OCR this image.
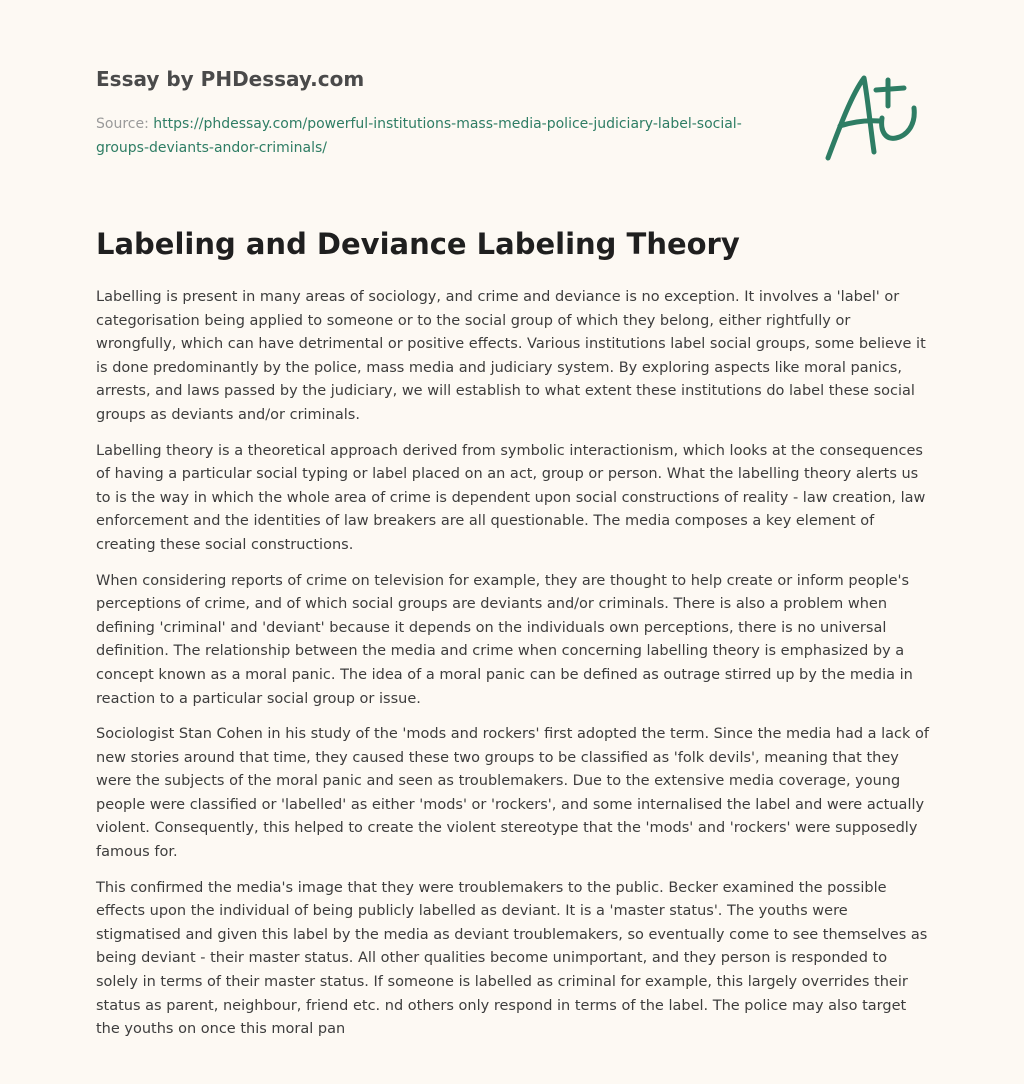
Essay by PHDessay.com

Source: https://phdessay.com/powerful-institutions-mass-media-police-judiciary-label-social-groups-deviants-andor-criminals/
Labeling and Deviance Labeling Theory

Labelling is present in many areas of sociology, and crime and deviance is no exception. It involves a 'label' or categorisation being applied to someone or to the social group of which they belong, either rightfully or wrongfully, which can have detrimental or positive effects. Various institutions label social groups, some believe it is done predominantly by the police, mass media and judiciary system. By exploring aspects like moral panics, arrests, and laws passed by the judiciary, we will establish to what extent these institutions do label these social groups as deviants and/or criminals.

Labelling theory is a theoretical approach derived from symbolic interactionism, which looks at the consequences of having a particular social typing or label placed on an act, group or person. What the labelling theory alerts us to is the way in which the whole area of crime is dependent upon social constructions of reality - law creation, law enforcement and the identities of law breakers are all questionable. The media composes a key element of creating these social constructions.

When considering reports of crime on television for example, they are thought to help create or inform people's perceptions of crime, and of which social groups are deviants and/or criminals. There is also a problem when defining 'criminal' and 'deviant' because it depends on the individuals own perceptions, there is no universal definition. The relationship between the media and crime when concerning labelling theory is emphasized by a concept known as a moral panic. The idea of a moral panic can be defined as outrage stirred up by the media in reaction to a particular social group or issue.

Sociologist Stan Cohen in his study of the 'mods and rockers' first adopted the term. Since the media had a lack of new stories around that time, they caused these two groups to be classified as 'folk devils', meaning that they were the subjects of the moral panic and seen as troublemakers. Due to the extensive media coverage, young people were classified or 'labelled' as either 'mods' or 'rockers', and some internalised the label and were actually violent. Consequently, this helped to create the violent stereotype that the 'mods' and 'rockers' were supposedly famous for.

This confirmed the media's image that they were troublemakers to the public. Becker examined the possible effects upon the individual of being publicly labelled as deviant. It is a 'master status'. The youths were stigmatised and given this label by the media as deviant troublemakers, so eventually come to see themselves as being deviant - their master status. All other qualities become unimportant, and they person is responded to solely in terms of their master status. If someone is labelled as criminal for example, this largely overrides their status as parent, neighbour, friend etc. nd others only respond in terms of the label. The police may also target the youths on once this moral pan
